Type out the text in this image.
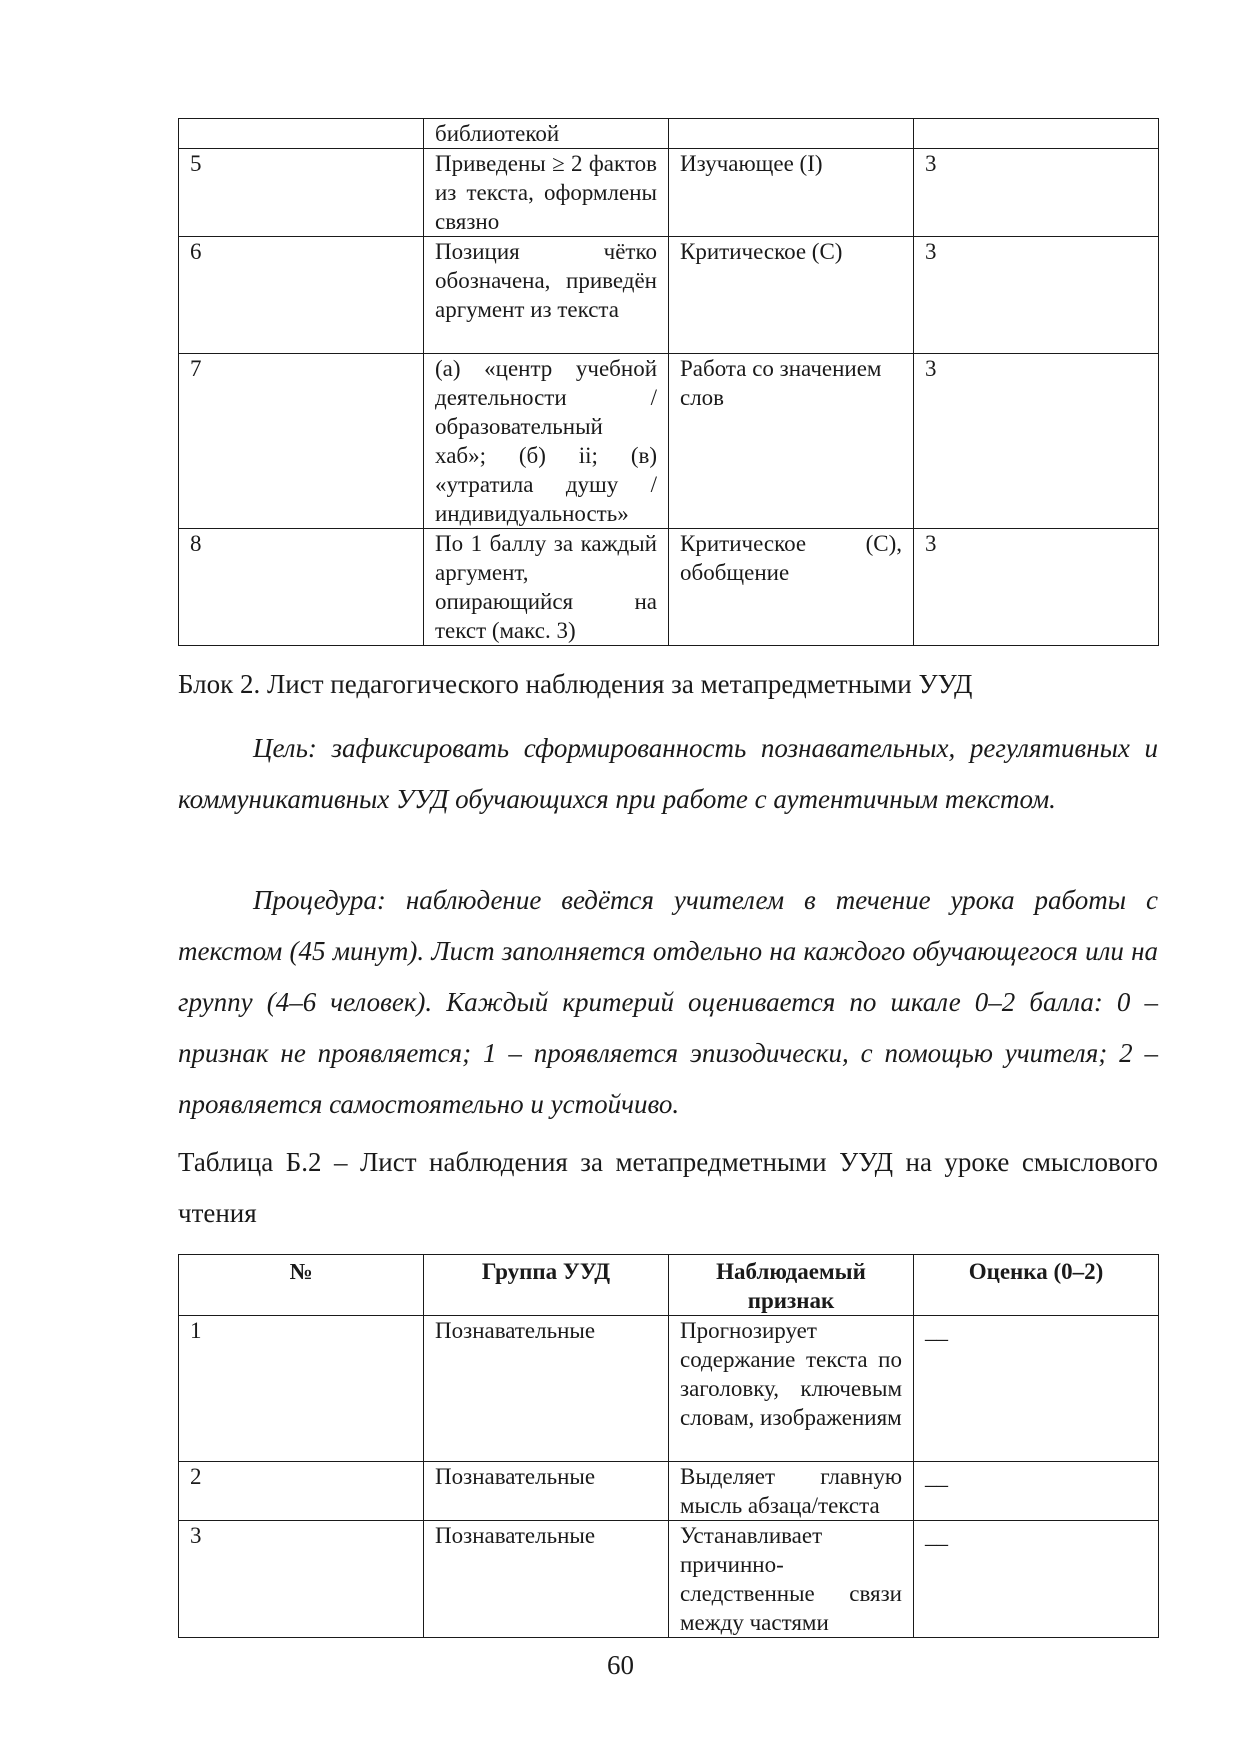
	библиотекой		
5	Приведены ≥ 2 фактов из текста, оформлены связно	Изучающее (I)	3
6	Позиция чётко обозначена, приведён аргумент из текста	Критическое (C)	3
7	(а) «центр учебной деятельности / образовательный хаб»; (б) ii; (в) «утратила душу / индивидуальность»	Работа со значением слов	3
8	По 1 баллу за каждый аргумент, опирающийся на текст (макс. 3)	Критическое (C), обобщение	3

Блок 2. Лист педагогического наблюдения за метапредметными УУД

Цель: зафиксировать сформированность познавательных, регулятивных и коммуникативных УУД обучающихся при работе с аутентичным текстом.

Процедура: наблюдение ведётся учителем в течение урока работы с текстом (45 минут). Лист заполняется отдельно на каждого обучающегося или на группу (4–6 человек). Каждый критерий оценивается по шкале 0–2 балла: 0 – признак не проявляется; 1 – проявляется эпизодически, с помощью учителя; 2 – проявляется самостоятельно и устойчиво.

Таблица Б.2 – Лист наблюдения за метапредметными УУД на уроке смыслового чтения

№	Группа УУД	Наблюдаемый признак	Оценка (0–2)
1	Познавательные	Прогнозирует содержание текста по заголовку, ключевым словам, изображениям	__
2	Познавательные	Выделяет главную мысль абзаца/текста	__
3	Познавательные	Устанавливает причинно-следственные связи между частями	__
60
